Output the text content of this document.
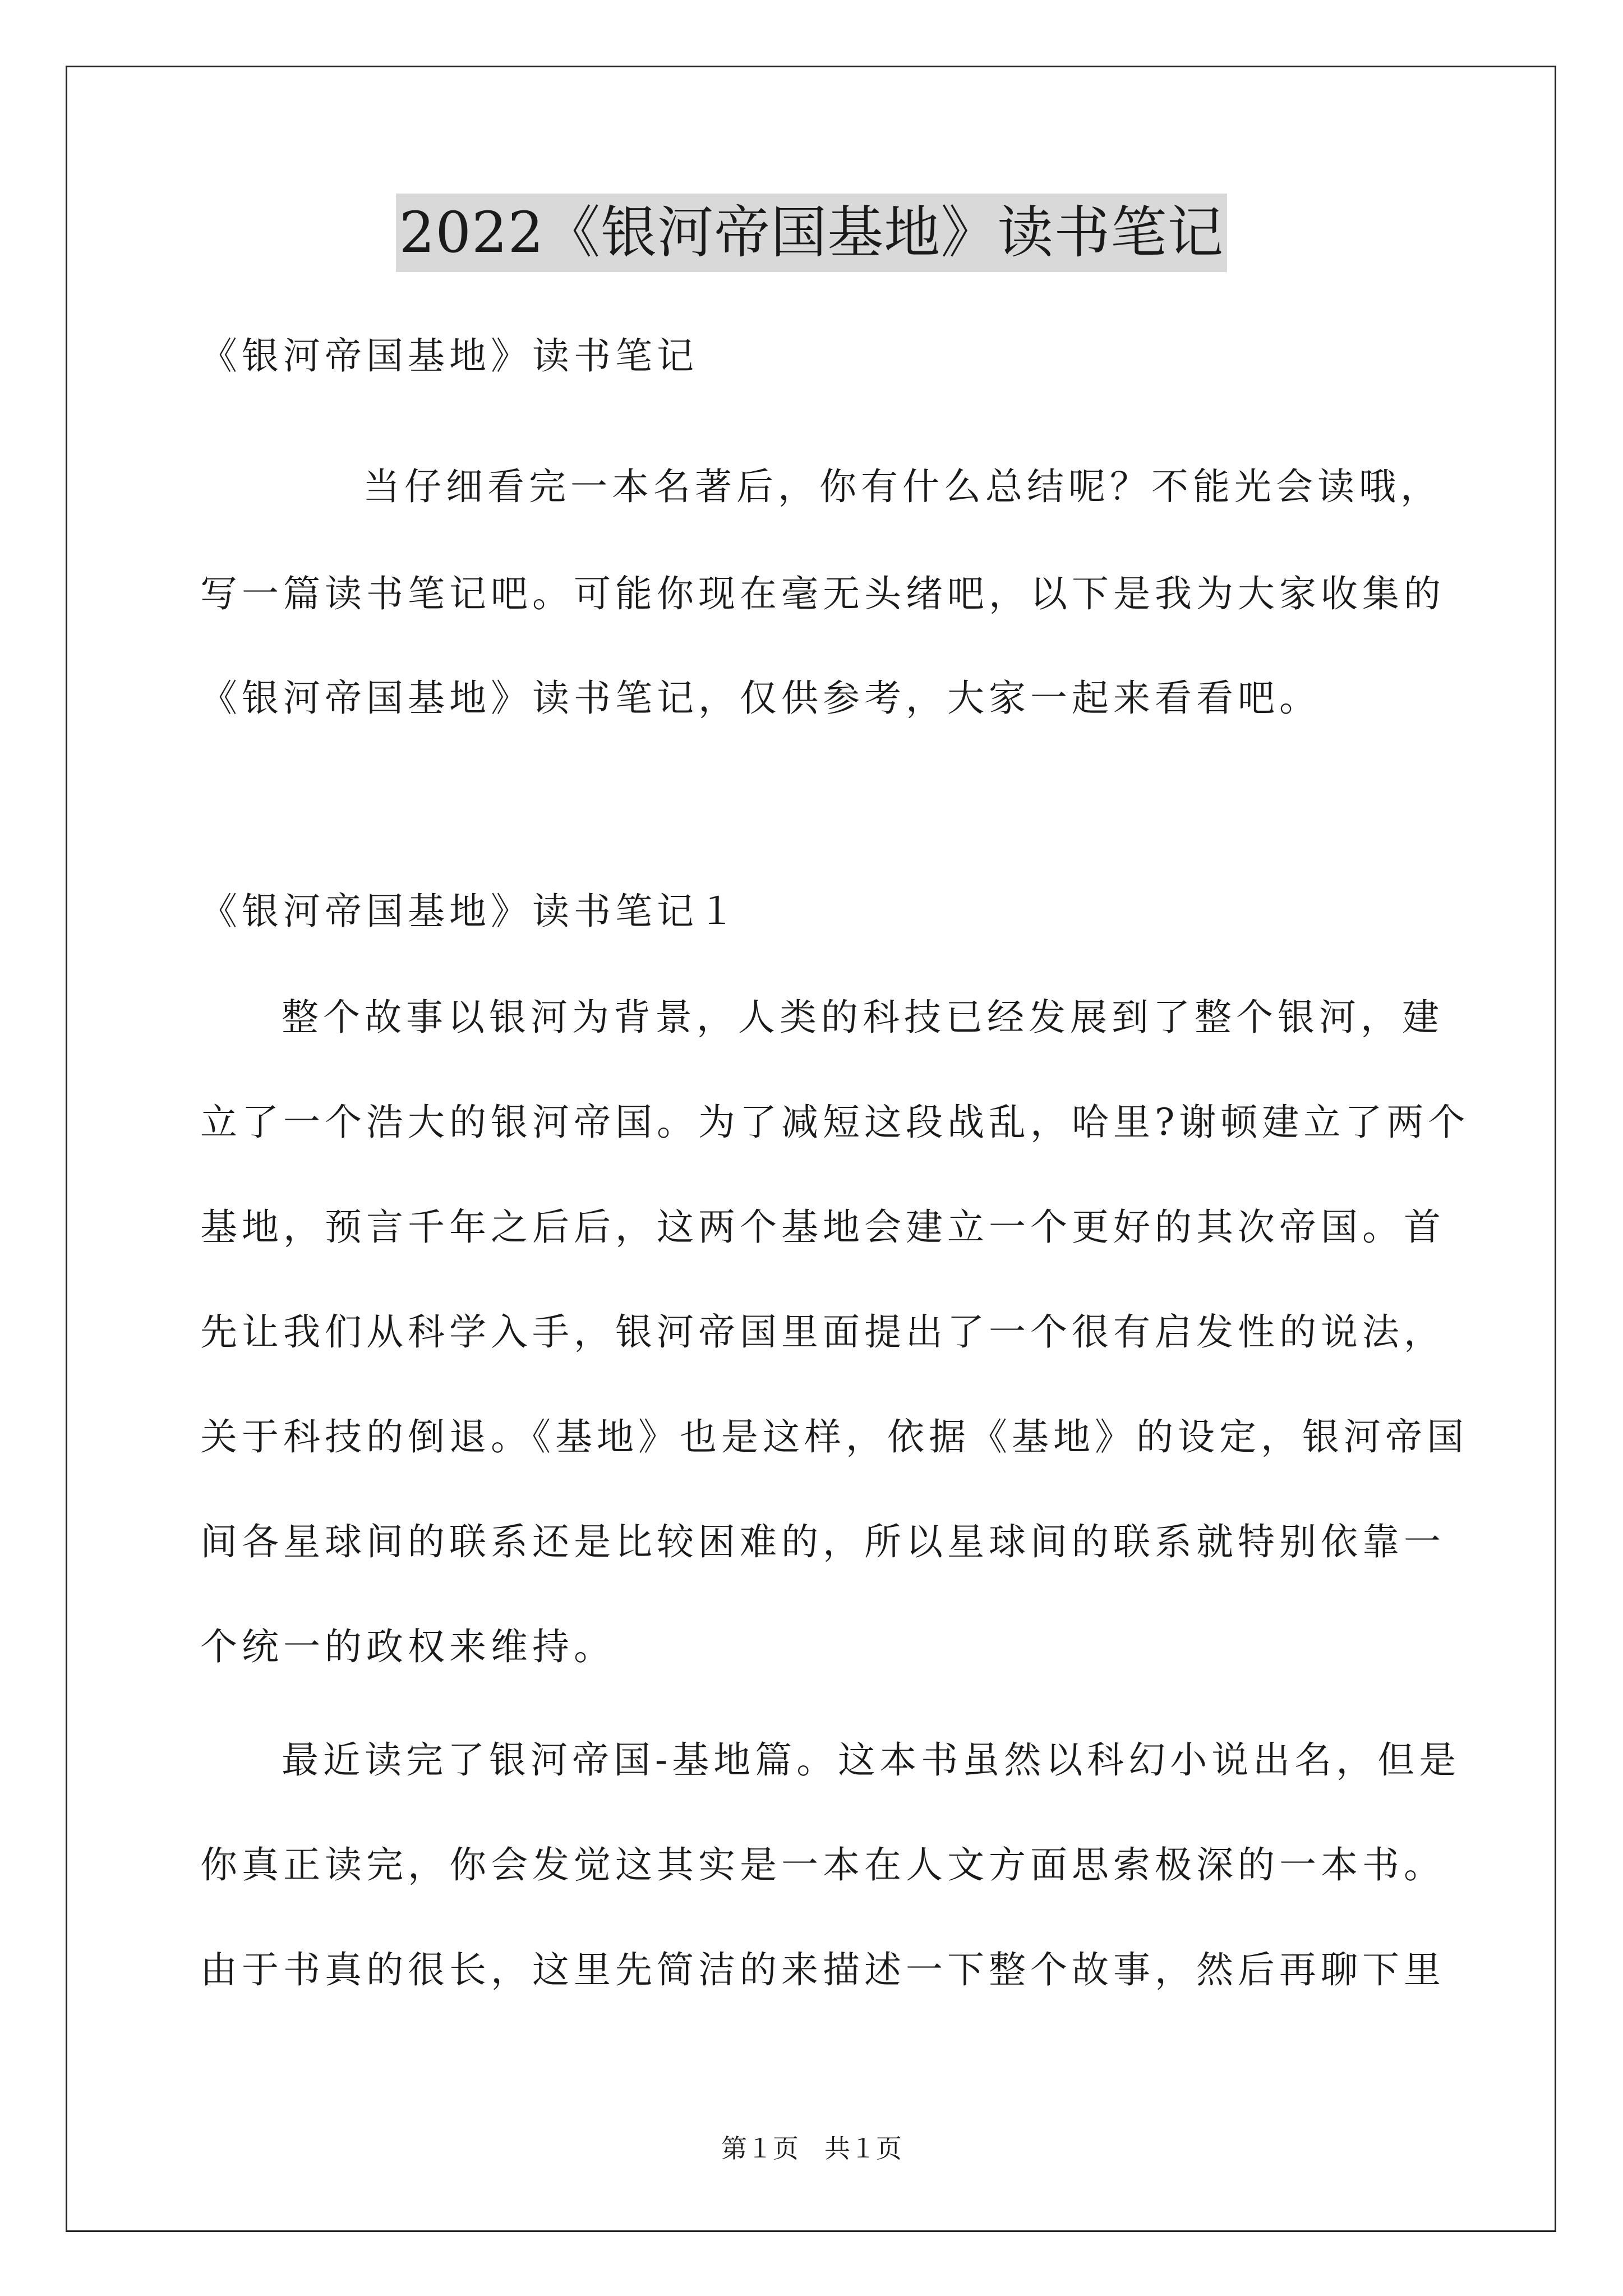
2022《银河帝国基地》读书笔记
《银河帝国基地》读书笔记
当仔细看完一本名著后，你有什么总结呢？不能光会读哦，
写一篇读书笔记吧。可能你现在毫无头绪吧，以下是我为大家收集的
《银河帝国基地》读书笔记，仅供参考，大家一起来看看吧。
《银河帝国基地》读书笔记１
整个故事以银河为背景，人类的科技已经发展到了整个银河，建
立了一个浩大的银河帝国。为了减短这段战乱，哈里?谢顿建立了两个
基地，预言千年之后后，这两个基地会建立一个更好的其次帝国。首
先让我们从科学入手，银河帝国里面提出了一个很有启发性的说法，
关于科技的倒退。《基地》也是这样，依据《基地》的设定，银河帝国
间各星球间的联系还是比较困难的，所以星球间的联系就特别依靠一
个统一的政权来维持。
最近读完了银河帝国-基地篇。这本书虽然以科幻小说出名，但是
你真正读完，你会发觉这其实是一本在人文方面思索极深的一本书。
由于书真的很长，这里先简洁的来描述一下整个故事，然后再聊下里
第１页　共１页
